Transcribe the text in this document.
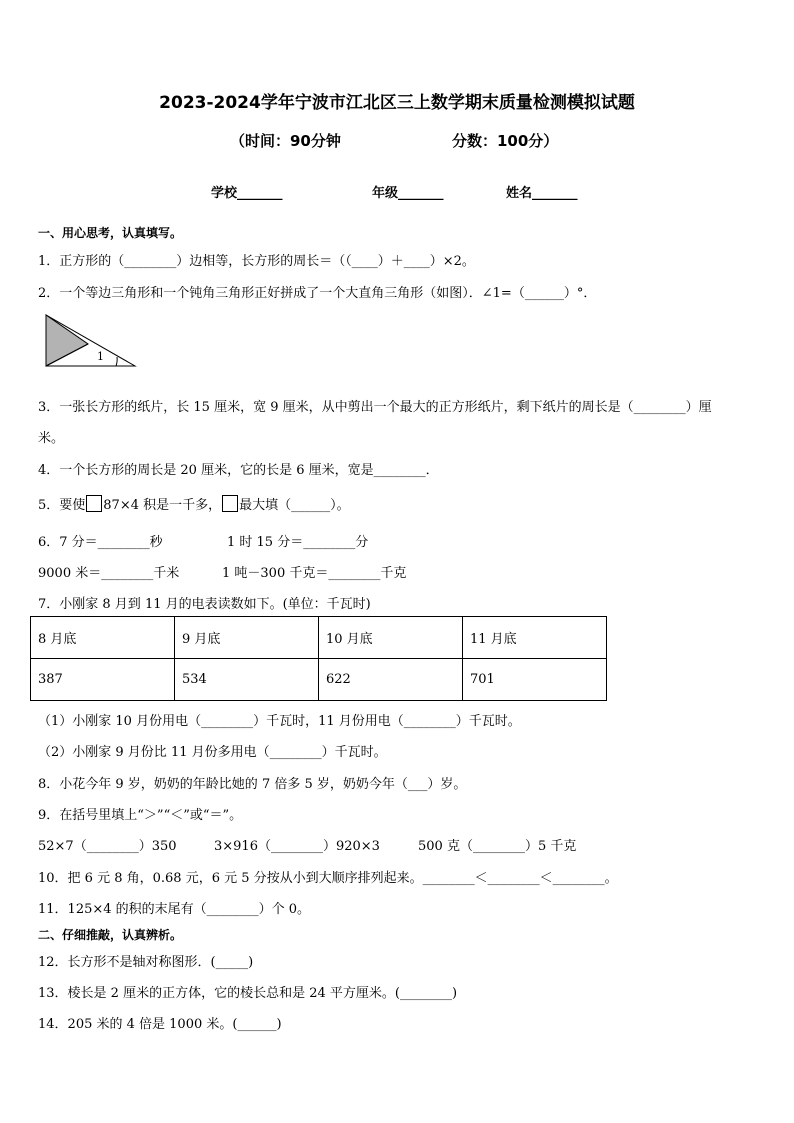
2023-2024学年宁波市江北区三上数学期末质量检测模拟试题
（时间：90分钟	分数：100分）
学校_______	年级_______	姓名_______
一、用心思考，认真填写。
1．正方形的（________）边相等，长方形的周长＝（（____）＋____）×2。
2．一个等边三角形和一个钝角三角形正好拼成了一个大直角三角形（如图）．∠1=（______）°．
1
3．一张长方形的纸片，长 15 厘米，宽 9 厘米，从中剪出一个最大的正方形纸片，剩下纸片的周长是（________）厘
米。
4．一个长方形的周长是 20 厘米，它的长是 6 厘米，宽是________．
5．要使 87×4 积是一千多， 最大填（______）。
6．7 分＝________秒	1 时 15 分＝________分
9000 米＝________千米	1 吨－300 千克＝________千克
7．小刚家 8 月到 11 月的电表读数如下。(单位：千瓦时)
8 月底	9 月底	10 月底	11 月底
387	534	622	701
（1）小刚家 10 月份用电（________）千瓦时，11 月份用电（________）千瓦时。
（2）小刚家 9 月份比 11 月份多用电（________）千瓦时。
8．小花今年 9 岁，奶奶的年龄比她的 7 倍多 5 岁，奶奶今年（___）岁。
9．在括号里填上“＞”“＜”或“＝”。
52×7（________）350	3×916（________）920×3	500 克（________）5 千克
10．把 6 元 8 角，0.68 元，6 元 5 分按从小到大顺序排列起来。________＜________＜________。
11．125×4 的积的末尾有（________）个 0。
二、仔细推敲，认真辨析。
12．长方形不是轴对称图形．(_____)
13．棱长是 2 厘米的正方体，它的棱长总和是 24 平方厘米。(________)
14．205 米的 4 倍是 1000 米。(______)
